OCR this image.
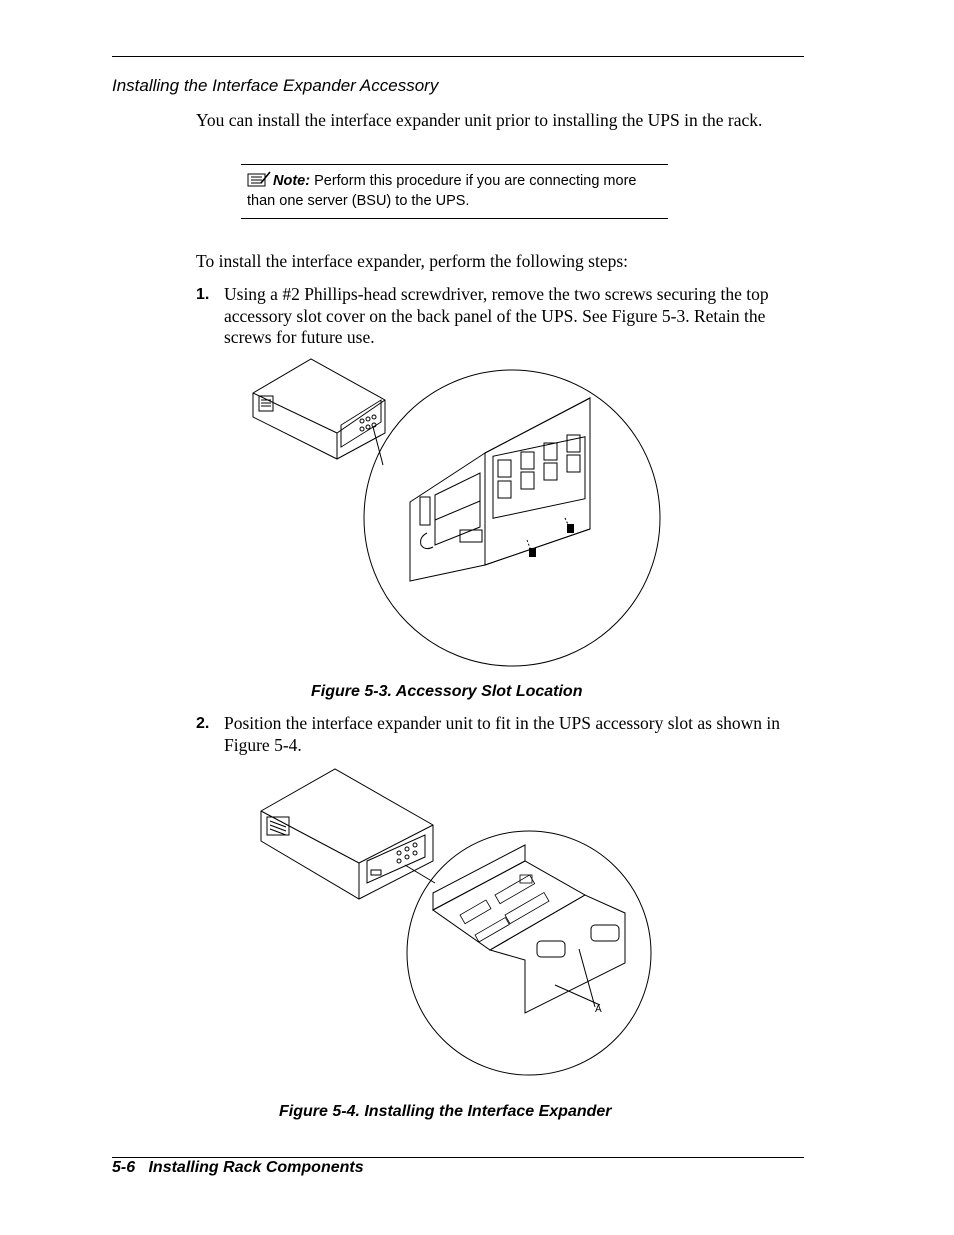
Installing the Interface Expander Accessory
You can install the interface expander unit prior to installing the UPS in the rack.
Note: Perform this procedure if you are connecting more than one server (BSU) to the UPS.
To install the interface expander, perform the following steps:
1. Using a #2 Phillips-head screwdriver, remove the two screws securing the top accessory slot cover on the back panel of the UPS. See Figure 5-3. Retain the screws for future use.
Figure 5-3. Accessory Slot Location
2. Position the interface expander unit to fit in the UPS accessory slot as shown in Figure 5-4.
A
Figure 5-4. Installing the Interface Expander
5-6 Installing Rack Components
